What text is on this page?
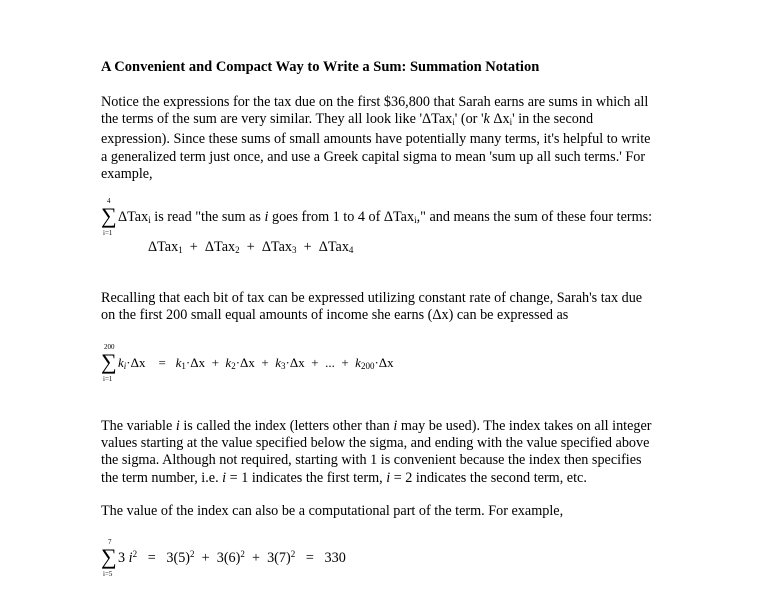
A Convenient and Compact Way to Write a Sum: Summation Notation
Notice the expressions for the tax due on the first $36,800 that Sarah earns are sums in which all
the terms of the sum are very similar. They all look like 'ΔTax$_i$' (or 'k $\Delta x_i'$ in the second
expression). Since these sums of small amounts have potentially many terms, it's helpful to write
a generalized term just once, and use a Greek capital sigma to mean 'sum up all such terms.' For
example,
4
∑
i=1
ΔTax$_i$ is read "the sum as i goes from 1 to 4 of ΔTax$_i$," and means the sum of these four terms:
ΔTax$_1$ + ΔTax$_2$ + ΔTax$_3$ + ΔTax$_4$
Recalling that each bit of tax can be expressed utilizing constant rate of change, Sarah's tax due
on the first 200 small equal amounts of income she earns (Δx) can be expressed as
200
∑
i=1
$k_i\cdot\Delta x = k_1\cdot\Delta x + k_2\cdot\Delta x + k_3\cdot\Delta x$ + ... + $k_{200}\cdot\Delta x$
The variable i is called the index (letters other than i may be used). The index takes on all integer
values starting at the value specified below the sigma, and ending with the value specified above
the sigma. Although not required, starting with 1 is convenient because the index then specifies
the term number, i.e. i = 1 indicates the first term, i = 2 indicates the second term, etc.
The value of the index can also be a computational part of the term. For example,
7
∑
i=5
3 $i^2 = 3(5)^2 + 3(6)^2 + 3(7)^2 = 330$
